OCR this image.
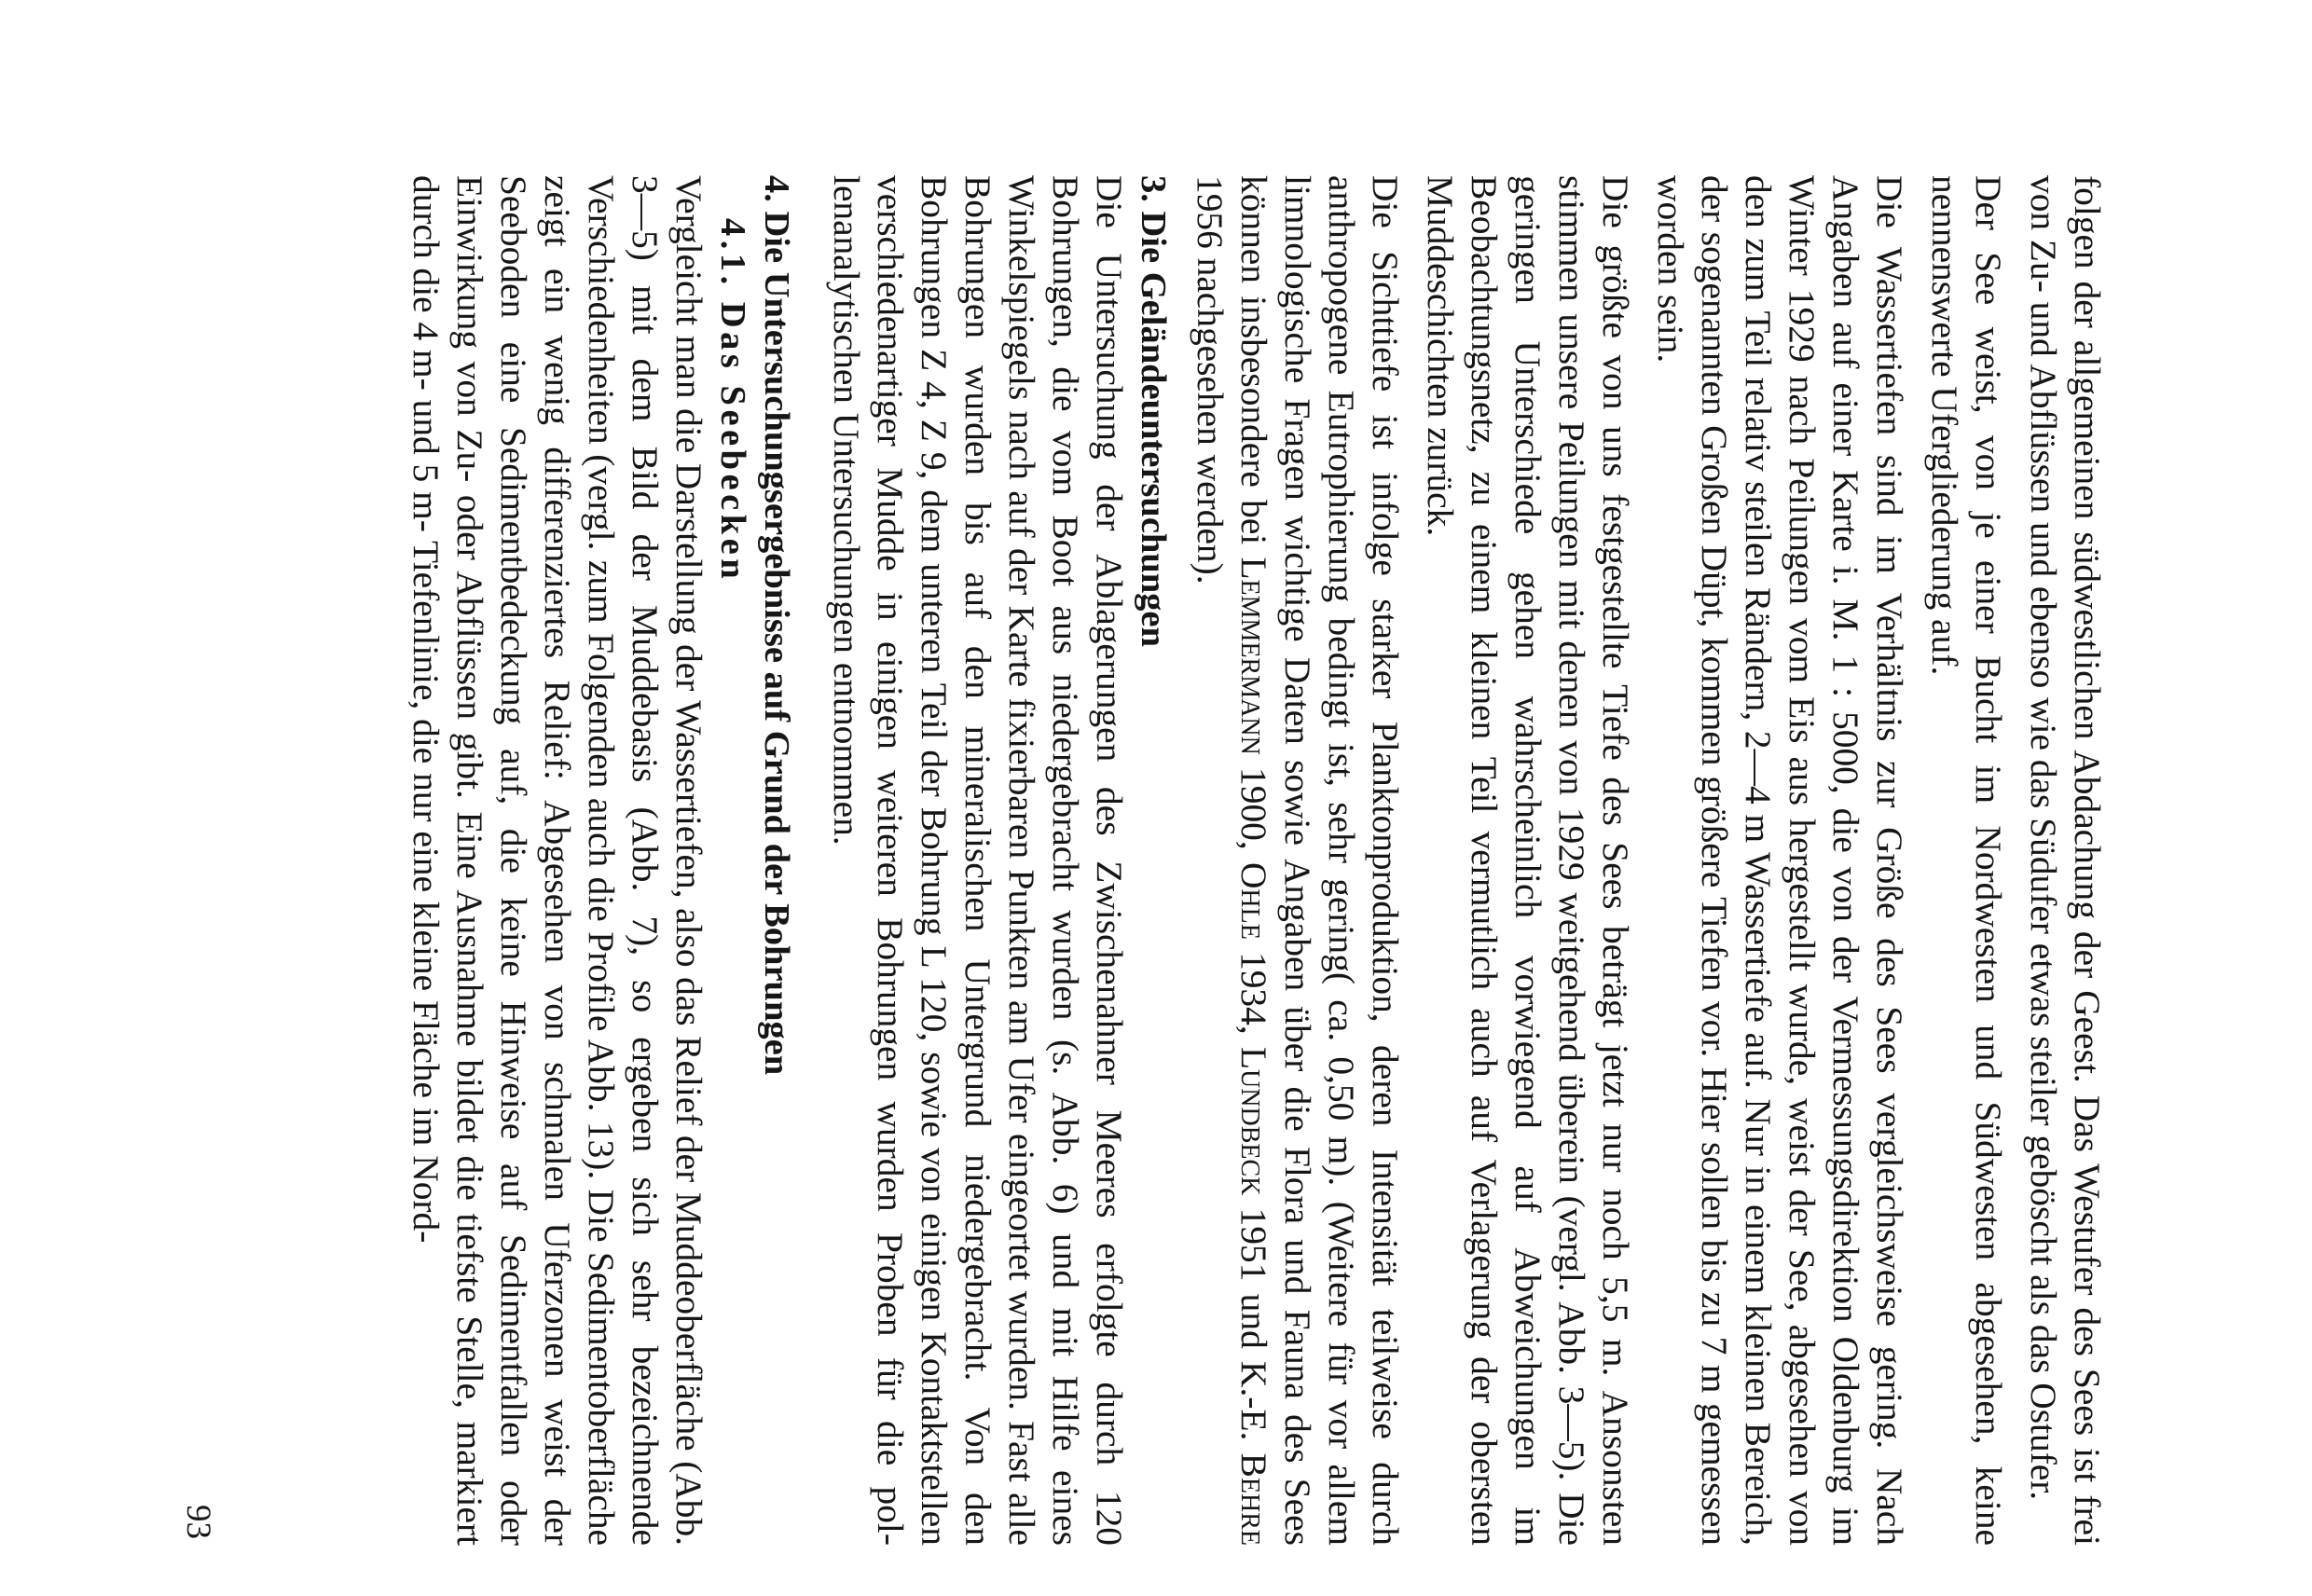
folgen der allgemeinen südwestlichen Abdachung der Geest. Das Westufer des Sees ist frei von Zu- und Abflüssen und ebenso wie das Südufer etwas steiler geböscht als das Ostufer.

Der See weist, von je einer Bucht im Nordwesten und Südwesten abgesehen, keine nennenswerte Ufergliederung auf.

Die Wassertiefen sind im Verhältnis zur Größe des Sees vergleichsweise gering. Nach Angaben auf einer Karte i. M. 1 : 5000, die von der Vermessungsdirektion Oldenburg im Winter 1929 nach Peilungen vom Eis aus hergestellt wurde, weist der See, abgesehen von den zum Teil relativ steilen Rändern, 2—4 m Wassertiefe auf. Nur in einem kleinen Bereich, der sogenannten Großen Düpt, kommen größere Tiefen vor. Hier sollen bis zu 7 m gemessen worden sein.

Die größte von uns festgestellte Tiefe des Sees beträgt jetzt nur noch 5,5 m. Ansonsten stimmen unsere Peilungen mit denen von 1929 weitgehend überein (vergl. Abb. 3—5). Die geringen Unterschiede gehen wahrscheinlich vorwiegend auf Abweichungen im Beobachtungsnetz, zu einem kleinen Teil vermutlich auch auf Verlagerung der obersten Muddeschichten zurück.

Die Sichttiefe ist infolge starker Planktonproduktion, deren Intensität teilweise durch anthropogene Eutrophierung bedingt ist, sehr gering( ca. 0,50 m). (Weitere für vor allem limnologische Fragen wichtige Daten sowie Angaben über die Flora und Fauna des Sees können insbesondere bei Lemmermann 1900, Ohle 1934, Lundbeck 1951 und K.-E. Behre 1956 nachgesehen werden).

3. Die Geländeuntersuchungen

Die Untersuchung der Ablagerungen des Zwischenahner Meeres erfolgte durch 120 Bohrungen, die vom Boot aus niedergebracht wurden (s. Abb. 6) und mit Hilfe eines Winkelspiegels nach auf der Karte fixierbaren Punkten am Ufer eingeortet wurden. Fast alle Bohrungen wurden bis auf den mineralischen Untergrund niedergebracht. Von den Bohrungen Z 4, Z 9, dem unteren Teil der Bohrung L 120, sowie von einigen Kontaktstellen verschiedenartiger Mudde in einigen weiteren Bohrungen wurden Proben für die pollenanalytischen Untersuchungen entnommen.

4. Die Untersuchungsergebnisse auf Grund der Bohrungen
4.1. Das Seebecken

Vergleicht man die Darstellung der Wassertiefen, also das Relief der Muddeoberfläche (Abb. 3—5) mit dem Bild der Muddebasis (Abb. 7), so ergeben sich sehr bezeichnende Verschiedenheiten (vergl. zum Folgenden auch die Profile Abb. 13). Die Sedimentoberfläche zeigt ein wenig differenziertes Relief: Abgesehen von schmalen Uferzonen weist der Seeboden eine Sedimentbedeckung auf, die keine Hinweise auf Sedimentfallen oder Einwirkung von Zu- oder Abflüssen gibt. Eine Ausnahme bildet die tiefste Stelle, markiert durch die 4 m- und 5 m- Tiefenlinie, die nur eine kleine Fläche im Nord-

93
